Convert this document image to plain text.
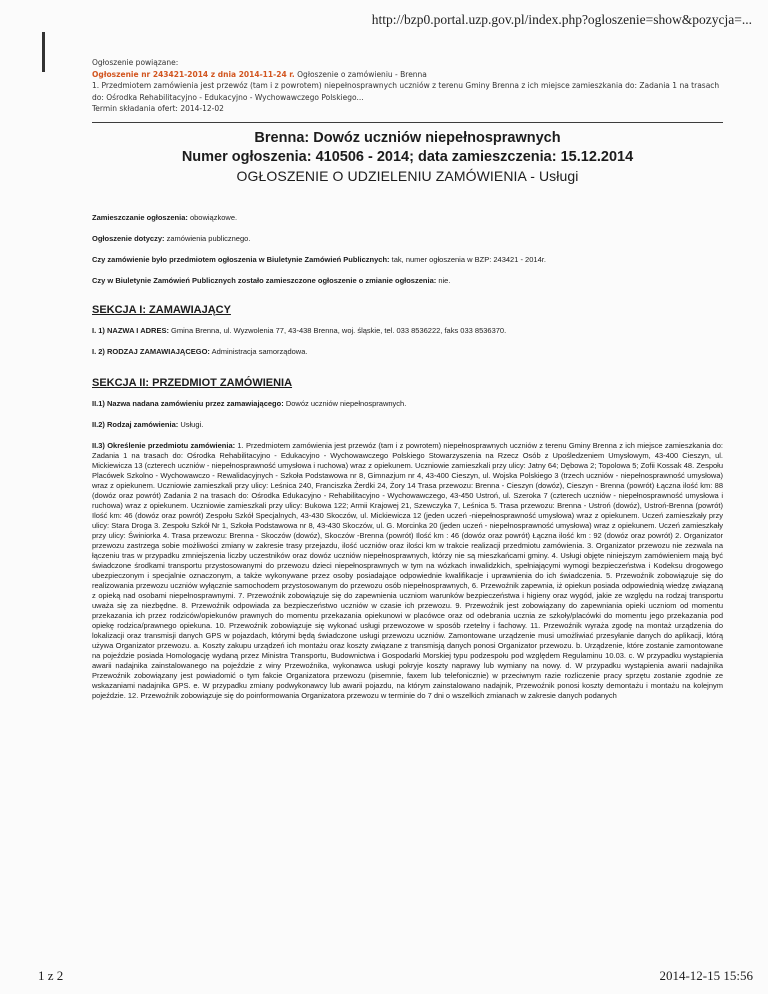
http://bzp0.portal.uzp.gov.pl/index.php?ogloszenie=show&pozycja=...
Ogłoszenie powiązane:
Ogłoszenie nr 243421-2014 z dnia 2014-11-24 r. Ogłoszenie o zamówieniu - Brenna
1. Przedmiotem zamówienia jest przewóz (tam i z powrotem) niepełnosprawnych uczniów z terenu Gminy Brenna z ich miejsce zamieszkania do: Zadania 1 na trasach do: Ośrodka Rehabilitacyjno - Edukacyjno - Wychowawczego Polskiego...
Termin składania ofert: 2014-12-02
Brenna: Dowóz uczniów niepełnosprawnych
Numer ogłoszenia: 410506 - 2014; data zamieszczenia: 15.12.2014
OGŁOSZENIE O UDZIELENIU ZAMÓWIENIA - Usługi

Zamieszczanie ogłoszenia: obowiązkowe.

Ogłoszenie dotyczy: zamówienia publicznego.

Czy zamówienie było przedmiotem ogłoszenia w Biuletynie Zamówień Publicznych: tak, numer ogłoszenia w BZP: 243421 - 2014r.

Czy w Biuletynie Zamówień Publicznych zostało zamieszczone ogłoszenie o zmianie ogłoszenia: nie.

SEKCJA I: ZAMAWIAJĄCY

I. 1) NAZWA I ADRES: Gmina Brenna, ul. Wyzwolenia 77, 43-438 Brenna, woj. śląskie, tel. 033 8536222, faks 033 8536370.

I. 2) RODZAJ ZAMAWIAJĄCEGO: Administracja samorządowa.

SEKCJA II: PRZEDMIOT ZAMÓWIENIA

II.1) Nazwa nadana zamówieniu przez zamawiającego: Dowóz uczniów niepełnosprawnych.

II.2) Rodzaj zamówienia: Usługi.

II.3) Określenie przedmiotu zamówienia: 1. Przedmiotem zamówienia jest przewóz (tam i z powrotem) niepełnosprawnych uczniów z terenu Gminy Brenna z ich miejsce zamieszkania do: Zadania 1 na trasach do: Ośrodka Rehabilitacyjno - Edukacyjno - Wychowawczego Polskiego Stowarzyszenia na Rzecz Osób z Upośledzeniem Umysłowym, 43-400 Cieszyn, ul. Mickiewicza 13 (czterech uczniów - niepełnosprawność umysłowa i ruchowa) wraz z opiekunem. Uczniowie zamieszkali przy ulicy: Jatny 64; Dębowa 2; Topolowa 5; Zofii Kossak 48. Zespołu Placówek Szkolno - Wychowawczo - Rewalidacyjnych - Szkoła Podstawowa nr 8, Gimnazjum nr 4, 43-400 Cieszyn, ul. Wojska Polskiego 3 (trzech uczniów - niepełnosprawność umysłowa) wraz z opiekunem. Uczniowie zamieszkali przy ulicy: Leśnica 240, Franciszka Żerdki 24, Żory 14 Trasa przewozu: Brenna - Cieszyn (dowóz), Cieszyn - Brenna (powrót) Łączna ilość km: 88 (dowóz oraz powrót) Zadania 2 na trasach do: Ośrodka Edukacyjno - Rehabilitacyjno - Wychowawczego, 43-450 Ustroń, ul. Szeroka 7 (czterech uczniów - niepełnosprawność umysłowa i ruchowa) wraz z opiekunem. Uczniowie zamieszkali przy ulicy: Bukowa 122; Armii Krajowej 21, Szewczyka 7, Leśnica 5. Trasa przewozu: Brenna - Ustroń (dowóz), Ustroń-Brenna (powrót) Ilość km: 46 (dowóz oraz powrót) Zespołu Szkół Specjalnych, 43-430 Skoczów, ul. Mickiewicza 12 (jeden uczeń -niepełnosprawność umysłowa) wraz z opiekunem. Uczeń zamieszkały przy ulicy: Stara Droga 3. Zespołu Szkół Nr 1, Szkoła Podstawowa nr 8, 43-430 Skoczów, ul. G. Morcinka 20 (jeden uczeń - niepełnosprawność umysłowa) wraz z opiekunem. Uczeń zamieszkały przy ulicy: Świniorka 4. Trasa przewozu: Brenna - Skoczów (dowóz), Skoczów -Brenna (powrót) Ilość km : 46 (dowóz oraz powrót) Łączna ilość km : 92 (dowóz oraz powrót) 2. Organizator przewozu zastrzega sobie możliwości zmiany w zakresie trasy przejazdu, ilość uczniów oraz ilości km w trakcie realizacji przedmiotu zamówienia. 3. Organizator przewozu nie zezwala na łączeniu tras w przypadku zmniejszenia liczby uczestników oraz dowóz uczniów niepełnosprawnych, którzy nie są mieszkańcami gminy. 4. Usługi objęte niniejszym zamówieniem mają być świadczone środkami transportu przystosowanymi do przewozu dzieci niepełnosprawnych w tym na wózkach inwalidzkich, spełniającymi wymogi bezpieczeństwa i Kodeksu drogowego ubezpieczonym i specjalnie oznaczonym, a także wykonywane przez osoby posiadające odpowiednie kwalifikacje i uprawnienia do ich świadczenia. 5. Przewoźnik zobowiązuje się do realizowania przewozu uczniów wyłącznie samochodem przystosowanym do przewozu osób niepełnosprawnych, 6. Przewoźnik zapewnia, iż opiekun posiada odpowiednią wiedzę związaną z opieką nad osobami niepełnosprawnymi. 7. Przewoźnik zobowiązuje się do zapewnienia uczniom warunków bezpieczeństwa i higieny oraz wygód, jakie ze względu na rodzaj transportu uważa się za niezbędne. 8. Przewoźnik odpowiada za bezpieczeństwo uczniów w czasie ich przewozu. 9. Przewoźnik jest zobowiązany do zapewniania opieki uczniom od momentu przekazania ich przez rodziców/opiekunów prawnych do momentu przekazania opiekunowi w placówce oraz od odebrania ucznia ze szkoły/placówki do momentu jego przekazania pod opiekę rodzica/prawnego opiekuna. 10. Przewoźnik zobowiązuje się wykonać usługi przewozowe w sposób rzetelny i fachowy. 11. Przewoźnik wyraża zgodę na montaż urządzenia do lokalizacji oraz transmisji danych GPS w pojazdach, którymi będą świadczone usługi przewozu uczniów. Zamontowane urządzenie musi umożliwiać przesyłanie danych do aplikacji, którą używa Organizator przewozu. a. Koszty zakupu urządzeń ich montażu oraz koszty związane z transmisją danych ponosi Organizator przewozu. b. Urządzenie, które zostanie zamontowane na pojeździe posiada Homologację wydaną przez Ministra Transportu, Budownictwa i Gospodarki Morskiej typu podzespołu pod względem Regulaminu 10.03. c. W przypadku wystąpienia awarii nadajnika zainstalowanego na pojeździe z winy Przewoźnika, wykonawca usługi pokryje koszty naprawy lub wymiany na nowy. d. W przypadku wystąpienia awarii nadajnika Przewoźnik zobowiązany jest powiadomić o tym fakcie Organizatora przewozu (pisemnie, faxem lub telefonicznie) w przeciwnym razie rozliczenie pracy sprzętu zostanie zgodnie ze wskazaniami nadajnika GPS. e. W przypadku zmiany podwykonawcy lub awarii pojazdu, na którym zainstalowano nadajnik, Przewoźnik ponosi koszty demontażu i montażu na kolejnym pojeździe. 12. Przewoźnik zobowiązuje się do poinformowania Organizatora przewozu w terminie do 7 dni o wszelkich zmianach w zakresie danych podanych

1 z 2	2014-12-15 15:56
